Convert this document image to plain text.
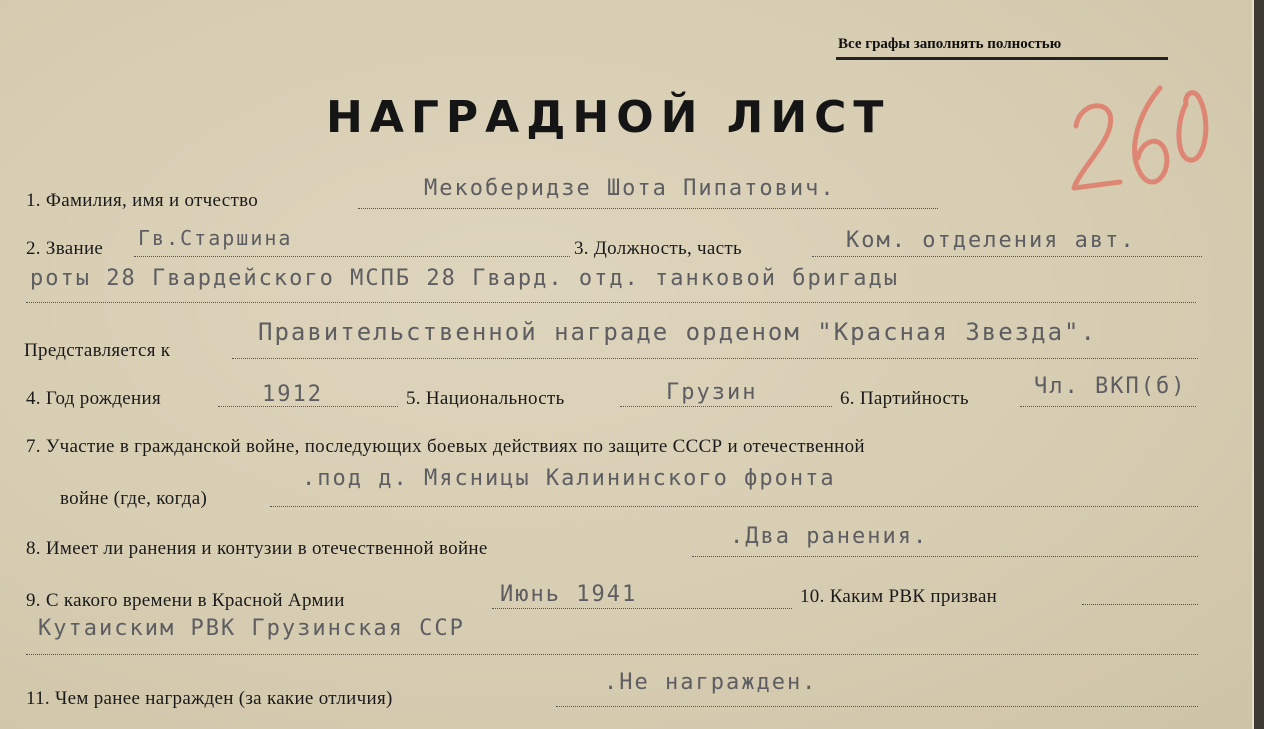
Все графы заполнять полностью
НАГРАДНОЙ ЛИСТ
1. Фамилия, имя и отчество	Мекоберидзе Шота Пипатович.
2. Звание Гв.Старшина	3. Должность, часть	Ком. отделения авт.
роты 28 Гвардейского МСПБ 28 Гвард. отд. танковой бригады
Представляется к
Правительственной награде орденом "Красная Звезда".
4. Год рождения	1912	5. Национальность	Грузин	6. Партийность	Чл. ВКП(б)
7. Участие в гражданской войне, последующих боевых действиях по защите СССР и отечественной
войне (где, когда)
.под д. Мясницы Калининского фронта
8. Имеет ли ранения и контузии в отечественной войне	.Два ранения.
9. С какого времени в Красной Армии	Июнь 1941	10. Каким РВК призван
Кутаиским РВК Грузинская ССР
11. Чем ранее награжден (за какие отличия)
.Не награжден.
